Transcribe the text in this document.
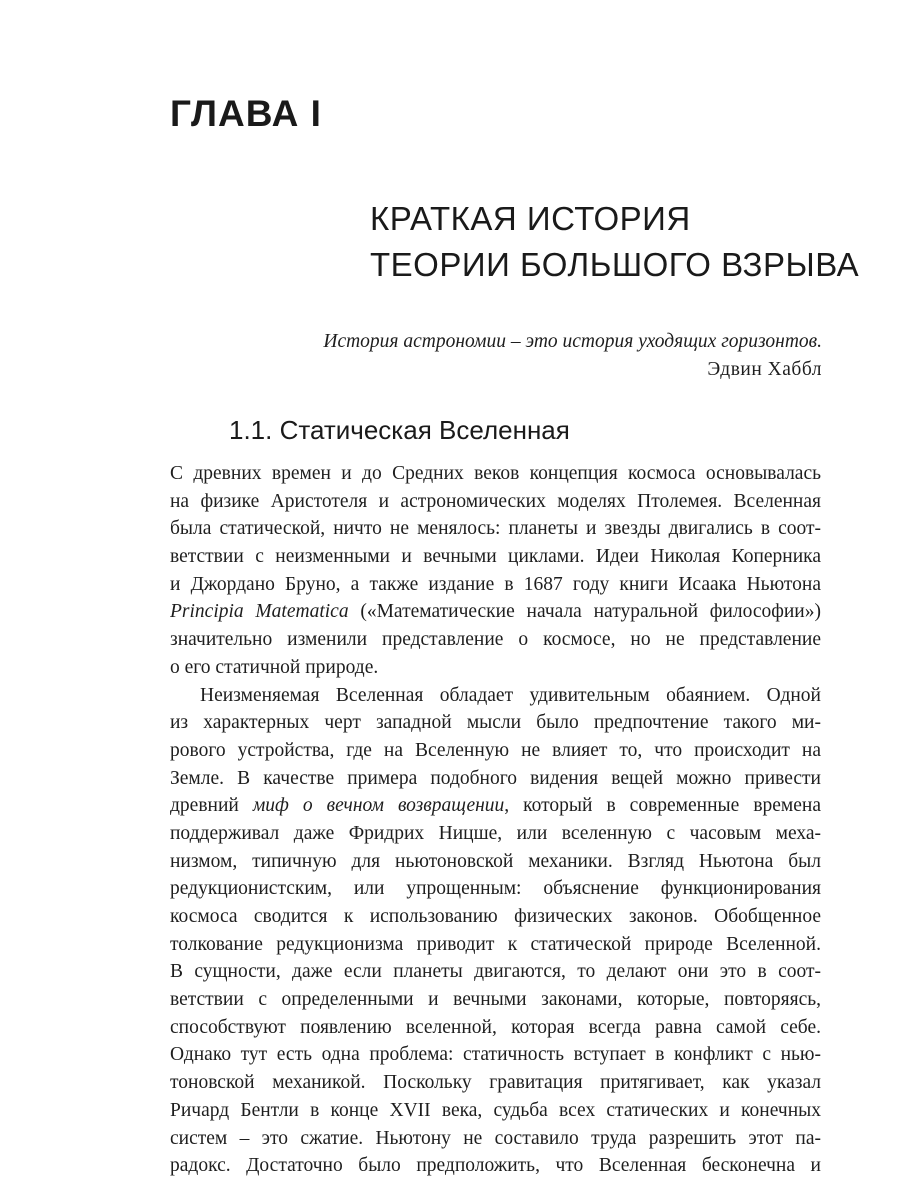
ГЛАВА I
КРАТКАЯ ИСТОРИЯ
ТЕОРИИ БОЛЬШОГО ВЗРЫВА
История астрономии – это история уходящих горизонтов.
Эдвин Хаббл
1.1. Статическая Вселенная
С древних времен и до Средних веков концепция космоса основывалась
на физике Аристотеля и астрономических моделях Птолемея. Вселенная
была статической, ничто не менялось: планеты и звезды двигались в соот-
ветствии с неизменными и вечными циклами. Идеи Николая Коперника
и Джордано Бруно, а также издание в 1687 году книги Исаака Ньютона
Principia Matematica («Математические начала натуральной философии»)
значительно изменили представление о космосе, но не представление
о его статичной природе.
Неизменяемая Вселенная обладает удивительным обаянием. Одной
из характерных черт западной мысли было предпочтение такого ми-
рового устройства, где на Вселенную не влияет то, что происходит на
Земле. В качестве примера подобного видения вещей можно привести
древний миф о вечном возвращении, который в современные времена
поддерживал даже Фридрих Ницше, или вселенную с часовым меха-
низмом, типичную для ньютоновской механики. Взгляд Ньютона был
редукционистским, или упрощенным: объяснение функционирования
космоса сводится к использованию физических законов. Обобщенное
толкование редукционизма приводит к статической природе Вселенной.
В сущности, даже если планеты двигаются, то делают они это в соот-
ветствии с определенными и вечными законами, которые, повторяясь,
способствуют появлению вселенной, которая всегда равна самой себе.
Однако тут есть одна проблема: статичность вступает в конфликт с нью-
тоновской механикой. Поскольку гравитация притягивает, как указал
Ричард Бентли в конце XVII века, судьба всех статических и конечных
систем – это сжатие. Ньютону не составило труда разрешить этот па-
радокс. Достаточно было предположить, что Вселенная бесконечна и
